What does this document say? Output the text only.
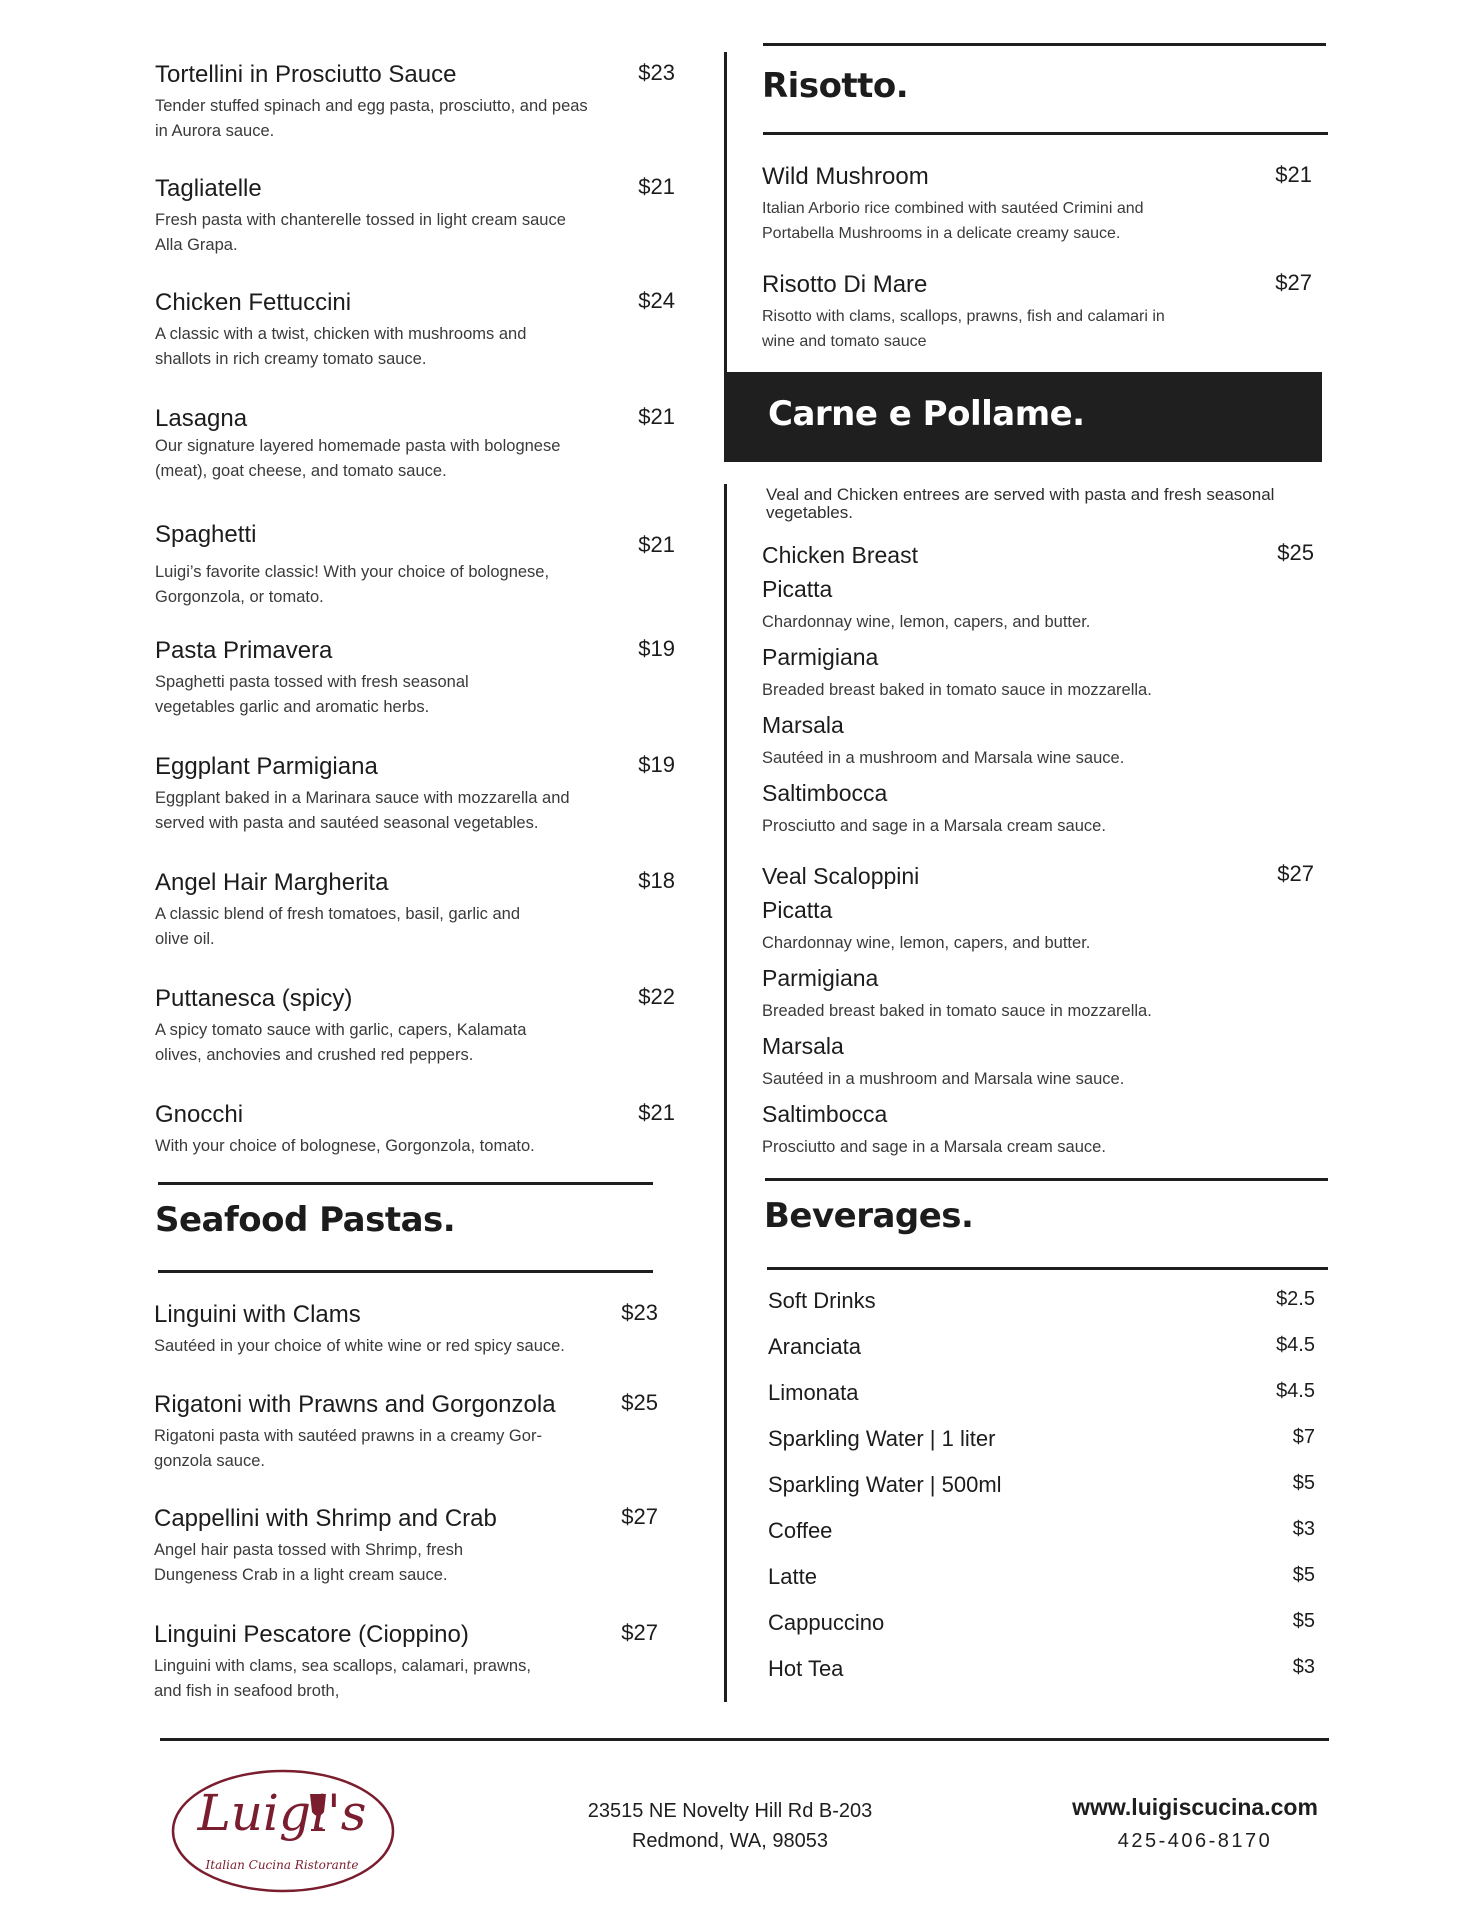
Tortellini in Prosciutto Sauce	$23
Tender stuffed spinach and egg pasta, prosciutto, and peas in Aurora sauce.
Tagliatelle	$21
Fresh pasta with chanterelle tossed in light cream sauce Alla Grapa.
Chicken Fettuccini	$24
A classic with a twist, chicken with mushrooms and shallots in rich creamy tomato sauce.
Lasagna	$21
Our signature layered homemade pasta with bolognese (meat), goat cheese, and tomato sauce.
Spaghetti	$21
Luigi’s favorite classic! With your choice of bolognese, Gorgonzola, or tomato.
Pasta Primavera	$19
Spaghetti pasta tossed with fresh seasonal vegetables garlic and aromatic herbs.
Eggplant Parmigiana	$19
Eggplant baked in a Marinara sauce with mozzarella and served with pasta and sautéed seasonal vegetables.
Angel Hair Margherita	$18
A classic blend of fresh tomatoes, basil, garlic and olive oil.
Puttanesca (spicy)	$22
A spicy tomato sauce with garlic, capers, Kalamata olives, anchovies and crushed red peppers.
Gnocchi	$21
With your choice of bolognese, Gorgonzola, tomato.
Seafood Pastas.
Linguini with Clams	$23
Sautéed in your choice of white wine or red spicy sauce.
Rigatoni with Prawns and Gorgonzola	$25
Rigatoni pasta with sautéed prawns in a creamy Gor-gonzola sauce.
Cappellini with Shrimp and Crab	$27
Angel hair pasta tossed with Shrimp, fresh Dungeness Crab in a light cream sauce.
Linguini Pescatore (Cioppino)	$27
Linguini with clams, sea scallops, calamari, prawns, and fish in seafood broth,
Risotto.
Wild Mushroom	$21
Italian Arborio rice combined with sautéed Crimini and Portabella Mushrooms in a delicate creamy sauce.
Risotto Di Mare	$27
Risotto with clams, scallops, prawns, fish and calamari in wine and tomato sauce
Carne e Pollame.
Veal and Chicken entrees are served with pasta and fresh seasonal vegetables.
Chicken Breast	$25
Picatta
Chardonnay wine, lemon, capers, and butter.
Parmigiana
Breaded breast baked in tomato sauce in mozzarella.
Marsala
Sautéed in a mushroom and Marsala wine sauce.
Saltimbocca
Prosciutto and sage in a Marsala cream sauce.
Veal Scaloppini	$27
Picatta
Chardonnay wine, lemon, capers, and butter.
Parmigiana
Breaded breast baked in tomato sauce in mozzarella.
Marsala
Sautéed in a mushroom and Marsala wine sauce.
Saltimbocca
Prosciutto and sage in a Marsala cream sauce.
Beverages.
Soft Drinks	$2.5
Aranciata	$4.5
Limonata	$4.5
Sparkling Water | 1 liter	$7
Sparkling Water | 500ml	$5
Coffee	$3
Latte	$5
Cappuccino	$5
Hot Tea	$3
Luigi's
Italian Cucina Ristorante
23515 NE Novelty Hill Rd B-203
Redmond, WA, 98053
www.luigiscucina.com
425-406-8170
